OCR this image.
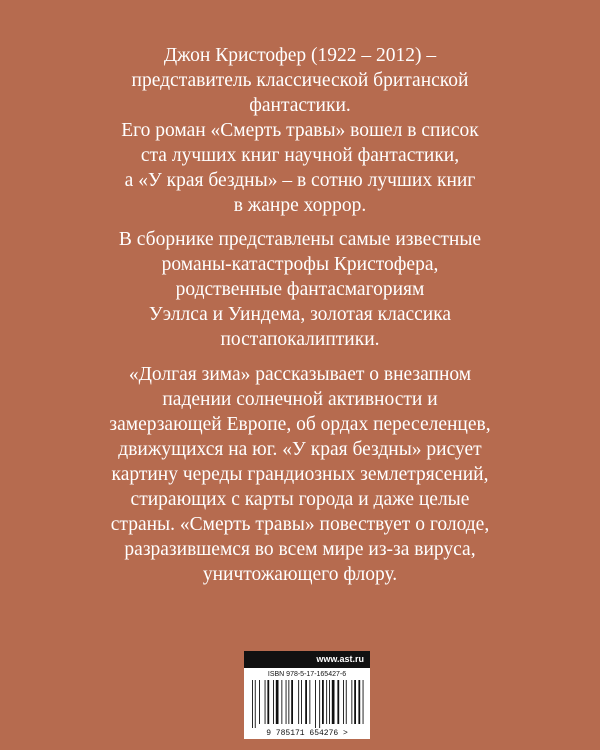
Джон Кристофер (1922 – 2012) –
представитель классической британской
фантастики.
Его роман «Смерть травы» вошел в список
ста лучших книг научной фантастики,
а «У края бездны» – в сотню лучших книг
в жанре хоррор.
В сборнике представлены самые известные
романы-катастрофы Кристофера,
родственные фантасмагориям
Уэллса и Уиндема, золотая классика
постапокалиптики.
«Долгая зима» рассказывает о внезапном
падении солнечной активности и
замерзающей Европе, об ордах переселенцев,
движущихся на юг. «У края бездны» рисует
картину череды грандиозных землетрясений,
стирающих с карты города и даже целые
страны. «Смерть травы» повествует о голоде,
разразившемся во всем мире из-за вируса,
уничтожающего флору.
www.ast.ru
ISBN 978-5-17-165427-6
9 785171 654276 >
